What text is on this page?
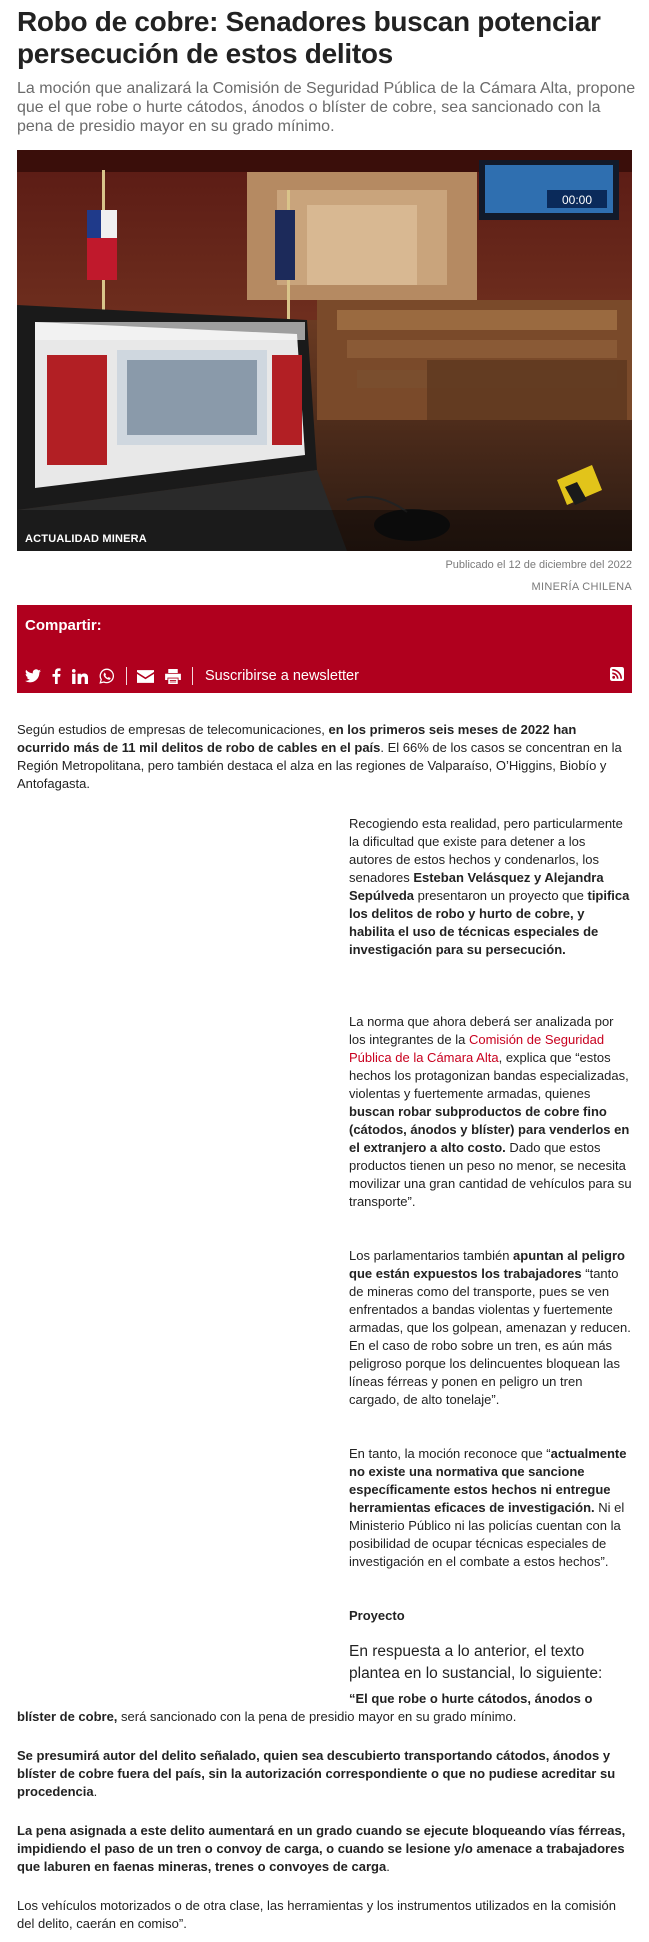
Robo de cobre: Senadores buscan potenciar persecución de estos delitos

La moción que analizará la Comisión de Seguridad Pública de la Cámara Alta, propone que el que robe o hurte cátodos, ánodos o blíster de cobre, sea sancionado con la pena de presidio mayor en su grado mínimo.

00:00
ACTUALIDAD MINERA
Publicado el 12 de diciembre del 2022
MINERÍA CHILENA
Compartir:
Suscribirse a newsletter

Según estudios de empresas de telecomunicaciones, en los primeros seis meses de 2022 han ocurrido más de 11 mil delitos de robo de cables en el país. El 66% de los casos se concentran en la Región Metropolitana, pero también destaca el alza en las regiones de Valparaíso, O’Higgins, Biobío y Antofagasta.

Recogiendo esta realidad, pero particularmente la dificultad que existe para detener a los autores de estos hechos y condenarlos, los senadores Esteban Velásquez y Alejandra Sepúlveda presentaron un proyecto que tipifica los delitos de robo y hurto de cobre, y habilita el uso de técnicas especiales de investigación para su persecución.

La norma que ahora deberá ser analizada por los integrantes de la Comisión de Seguridad Pública de la Cámara Alta, explica que “estos hechos los protagonizan bandas especializadas, violentas y fuertemente armadas, quienes buscan robar subproductos de cobre fino (cátodos, ánodos y blíster) para venderlos en el extranjero a alto costo. Dado que estos productos tienen un peso no menor, se necesita movilizar una gran cantidad de vehículos para su transporte”.

Los parlamentarios también apuntan al peligro que están expuestos los trabajadores “tanto de mineras como del transporte, pues se ven enfrentados a bandas violentas y fuertemente armadas, que los golpean, amenazan y reducen. En el caso de robo sobre un tren, es aún más peligroso porque los delincuentes bloquean las líneas férreas y ponen en peligro un tren cargado, de alto tonelaje”.

En tanto, la moción reconoce que “actualmente no existe una normativa que sancione específicamente estos hechos ni entregue herramientas eficaces de investigación. Ni el Ministerio Público ni las policías cuentan con la posibilidad de ocupar técnicas especiales de investigación en el combate a estos hechos”.

Proyecto

En respuesta a lo anterior, el texto plantea en lo sustancial, lo siguiente:

“El que robe o hurte cátodos, ánodos o

blíster de cobre, será sancionado con la pena de presidio mayor en su grado mínimo.

Se presumirá autor del delito señalado, quien sea descubierto transportando cátodos, ánodos y blíster de cobre fuera del país, sin la autorización correspondiente o que no pudiese acreditar su procedencia.

La pena asignada a este delito aumentará en un grado cuando se ejecute bloqueando vías férreas, impidiendo el paso de un tren o convoy de carga, o cuando se lesione y/o amenace a trabajadores que laburen en faenas mineras, trenes o convoyes de carga.

Los vehículos motorizados o de otra clase, las herramientas y los instrumentos utilizados en la comisión del delito, caerán en comiso”.
